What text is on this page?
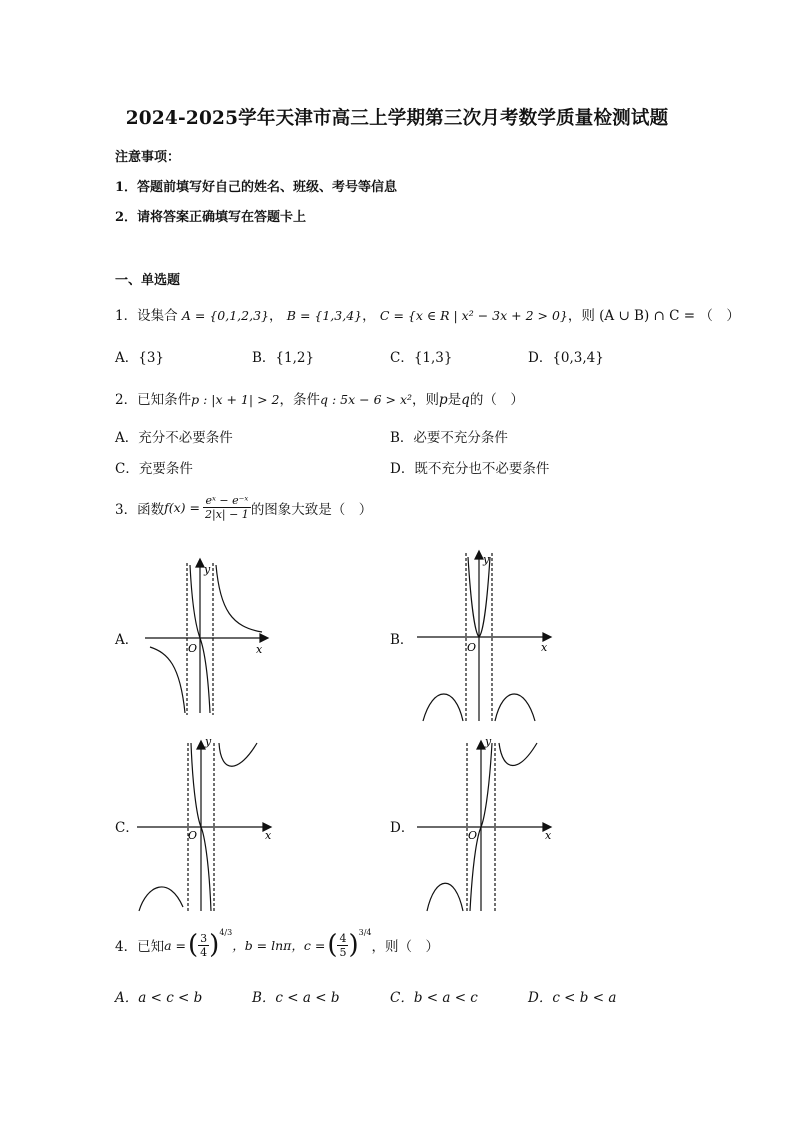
2024-2025学年天津市高三上学期第三次月考数学质量检测试题
注意事项：
1．答题前填写好自己的姓名、班级、考号等信息
2．请将答案正确填写在答题卡上
一、单选题
1．设集合 A = {0,1,2,3}， B = {1,3,4}， C = {x ∈ R | x² − 3x + 2 > 0}，则 (A ∪ B) ∩ C = （　）
A．{3}	B．{1,2}	C．{1,3}	D．{0,3,4}
2．已知条件p : |x + 1| > 2，条件q : 5x − 6 > x²，则p是q的（　）
A．充分不必要条件	B．必要不充分条件
C．充要条件	D．既不充分也不必要条件
3．函数 $f(x) = \frac{\text{eˣ − e⁻ˣ}}{2|x| - 1}$ 的图象大致是（　）
A．	B．
C．	D．
y
x
O
y
x
O
y
x
O
y
x
O
4．已知 a = ( $\frac{3}{4}$ ) 4/3
，b = lnπ， c = ( $\frac{4}{5}$ ) 3/4
，则（　）
A．a < c < b	B．c < a < b	C．b < a < c	D．c < b < a
